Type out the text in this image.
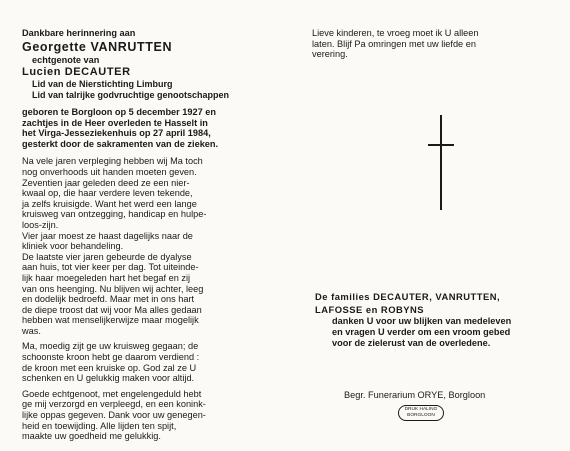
Dankbare herinnering aan
Georgette VANRUTTEN
echtgenote van
Lucien DECAUTER
Lid van de Nierstichting Limburg
Lid van talrijke godvruchtige genootschappen
geboren te Borgloon op 5 december 1927 en
zachtjes in de Heer overleden te Hasselt in
het Virga-Jesseziekenhuis op 27 april 1984,
gesterkt door de sakramenten van de zieken.
Na vele jaren verpleging hebben wij Ma toch
nog onverhoods uit handen moeten geven.
Zeventien jaar geleden deed ze een nier-
kwaal op, die haar verdere leven tekende,
ja zelfs kruisigde. Want het werd een lange
kruisweg van ontzegging, handicap en hulpe-
loos-zijn.
Vier jaar moest ze haast dagelijks naar de
kliniek voor behandeling.
De laatste vier jaren gebeurde de dyalyse
aan huis, tot vier keer per dag. Tot uiteinde-
lijk haar moegeleden hart het begaf en zij
van ons heenging. Nu blijven wij achter, leeg
en dodelijk bedroefd. Maar met in ons hart
de diepe troost dat wij voor Ma alles gedaan
hebben wat menselijkerwijze maar mogelijk
was.
Ma, moedig zijt ge uw kruisweg gegaan; de
schoonste kroon hebt ge daarom verdiend :
de kroon met een kruiske op. God zal ze U
schenken en U gelukkig maken voor altijd.
Goede echtgenoot, met engelengeduld hebt
ge mij verzorgd en verpleegd, en een konink-
lijke oppas gegeven. Dank voor uw genegen-
heid en toewijding. Alle lijden ten spijt,
maakte uw goedheid me gelukkig.
Lieve kinderen, te vroeg moet ik U alleen
laten. Blijf Pa omringen met uw liefde en
verering.
De families DECAUTER, VANRUTTEN,
LAFOSSE en ROBYNS
danken U voor uw blijken van medeleven
en vragen U verder om een vroom gebed
voor de zielerust van de overledene.
Begr. Funerarium ORYE, Borgloon
DRUK HALING
BORGLOON
